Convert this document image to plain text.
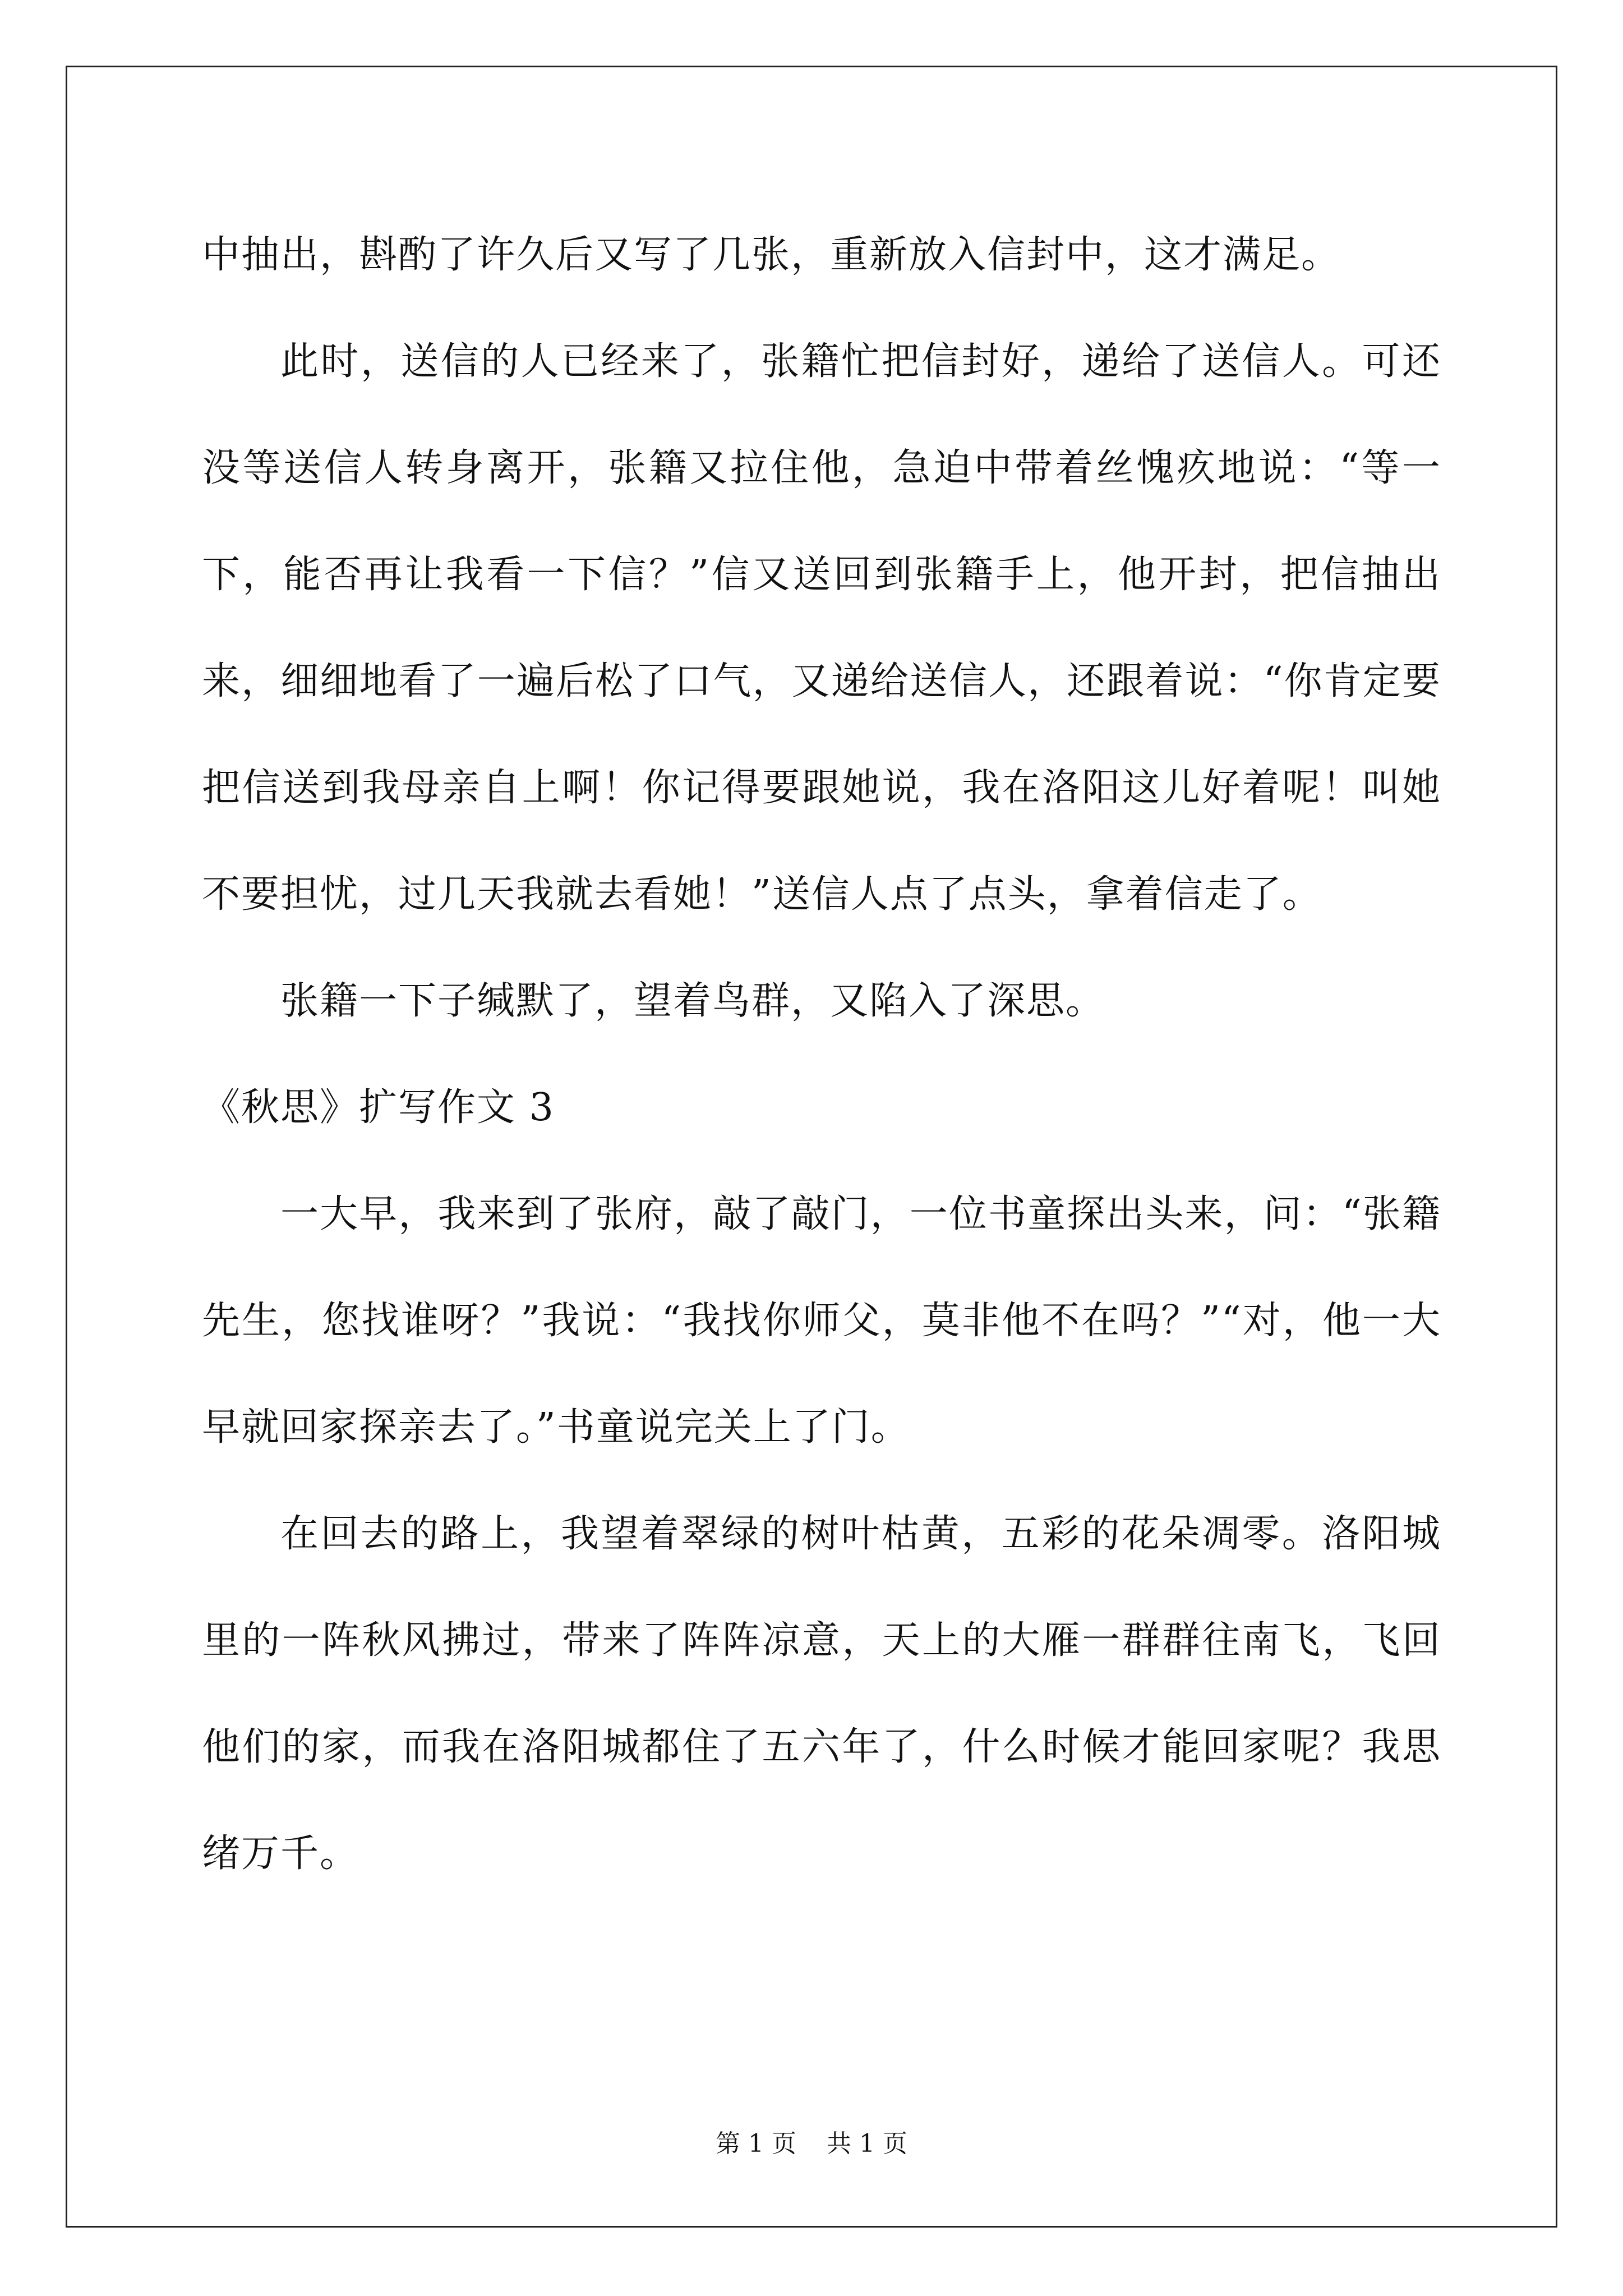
中抽出，斟酌了许久后又写了几张，重新放入信封中，这才满足。

此时，送信的人已经来了，张籍忙把信封好，递给了送信人。可还没等送信人转身离开，张籍又拉住他，急迫中带着丝愧疚地说：“等一下，能否再让我看一下信？”信又送回到张籍手上，他开封，把信抽出来，细细地看了一遍后松了口气，又递给送信人，还跟着说：“你肯定要把信送到我母亲自上啊！你记得要跟她说，我在洛阳这儿好着呢！叫她不要担忧，过几天我就去看她！”送信人点了点头，拿着信走了。

张籍一下子缄默了，望着鸟群，又陷入了深思。

《秋思》扩写作文 3

一大早，我来到了张府，敲了敲门，一位书童探出头来，问：“张籍先生，您找谁呀？”我说：“我找你师父，莫非他不在吗？”“对，他一大早就回家探亲去了。”书童说完关上了门。

在回去的路上，我望着翠绿的树叶枯黄，五彩的花朵凋零。洛阳城里的一阵秋风拂过，带来了阵阵凉意，天上的大雁一群群往南飞，飞回他们的家，而我在洛阳城都住了五六年了，什么时候才能回家呢？我思绪万千。

第 1 页 共 1 页
